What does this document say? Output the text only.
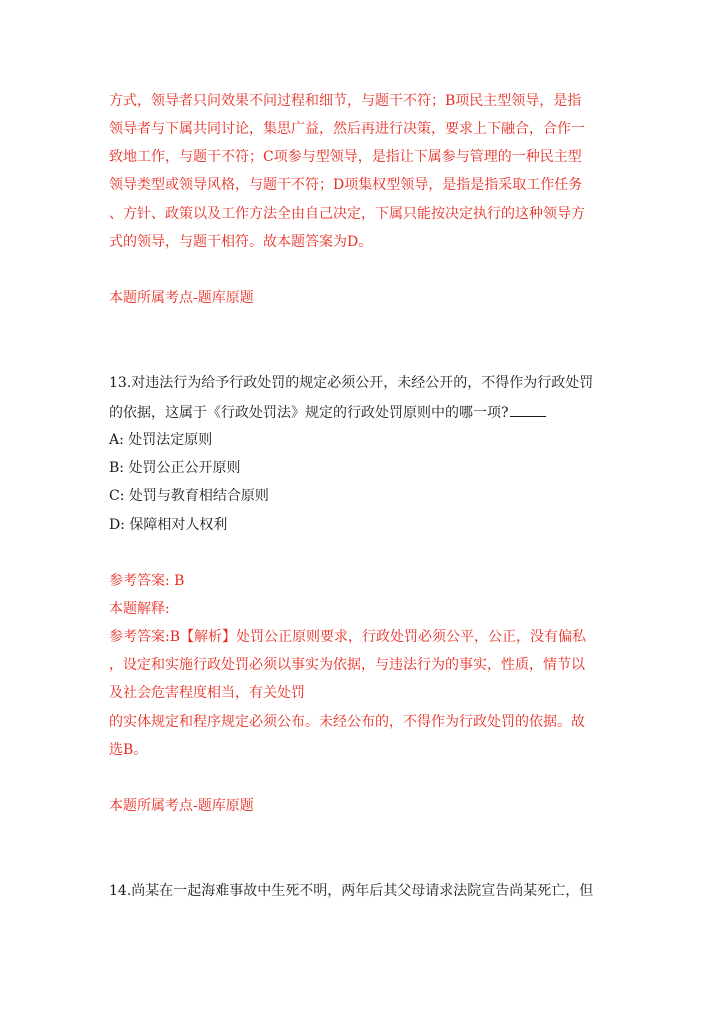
方式，领导者只问效果不问过程和细节，与题干不符；B项民主型领导，是指
领导者与下属共同讨论，集思广益，然后再进行决策，要求上下融合，合作一
致地工作，与题干不符；C项参与型领导，是指让下属参与管理的一种民主型
领导类型或领导风格，与题干不符；D项集权型领导，是指是指采取工作任务
、方针、政策以及工作方法全由自己决定，下属只能按决定执行的这种领导方
式的领导，与题干相符。故本题答案为D。
本题所属考点-题库原题
13.对违法行为给予行政处罚的规定必须公开，未经公开的，不得作为行政处罚
的依据，这属于《行政处罚法》规定的行政处罚原则中的哪一项?
A: 处罚法定原则
B: 处罚公正公开原则
C: 处罚与教育相结合原则
D: 保障相对人权利
参考答案: B
本题解释:
参考答案:B【解析】处罚公正原则要求，行政处罚必须公平，公正，没有偏私
，设定和实施行政处罚必须以事实为依据，与违法行为的事实，性质，情节以
及社会危害程度相当，有关处罚
的实体规定和程序规定必须公布。未经公布的，不得作为行政处罚的依据。故
选B。
本题所属考点-题库原题
14.尚某在一起海难事故中生死不明，两年后其父母请求法院宣告尚某死亡，但
